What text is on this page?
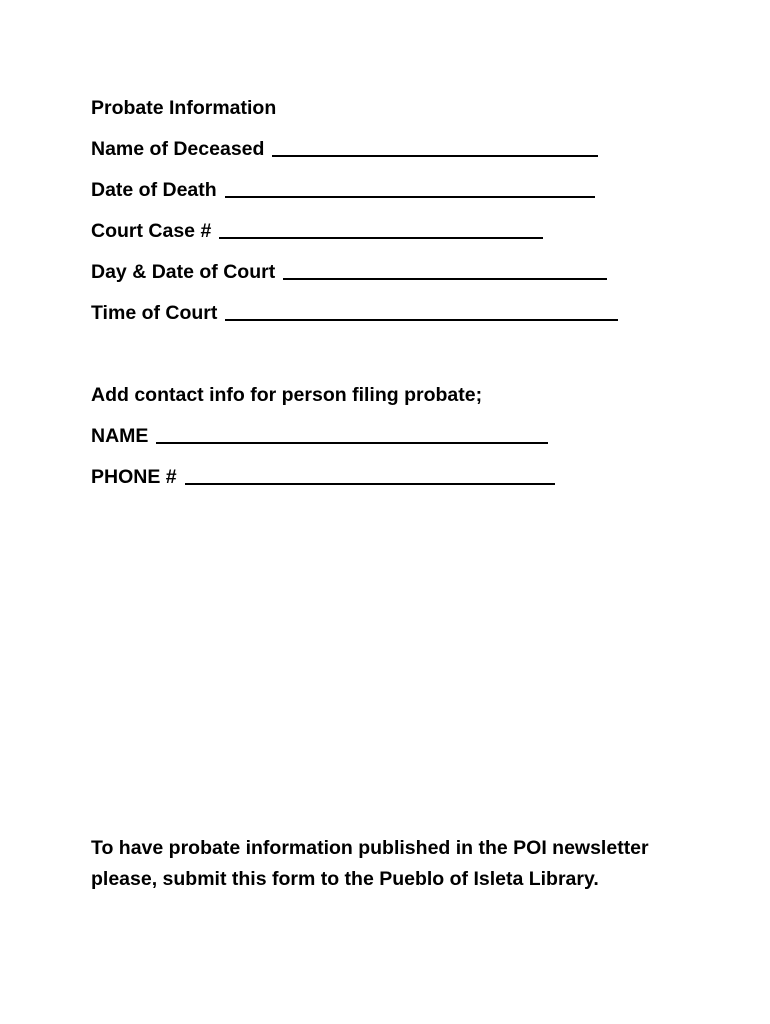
Probate Information
Name of Deceased
Date of Death
Court Case #
Day & Date of Court
Time of Court
Add contact info for person filing probate;
NAME
PHONE #
To have probate information published in the POI newsletter
please, submit this form to the Pueblo of Isleta Library.
